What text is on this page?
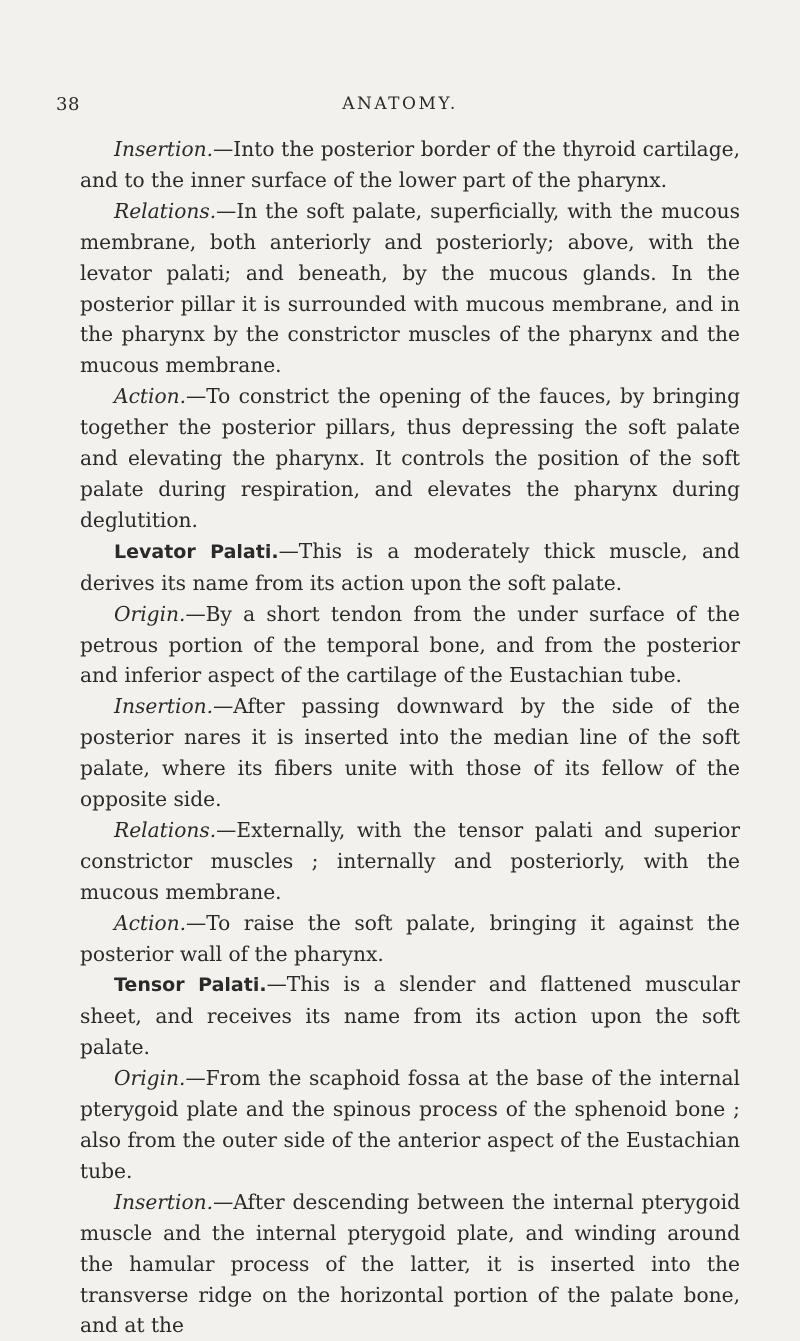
38	ANATOMY.

Insertion.—Into the posterior border of the thyroid cartilage, and to the inner surface of the lower part of the pharynx.

Relations.—In the soft palate, superficially, with the mucous membrane, both anteriorly and posteriorly; above, with the levator palati; and beneath, by the mucous glands. In the posterior pillar it is surrounded with mucous membrane, and in the pharynx by the constrictor muscles of the pharynx and the mucous membrane.

Action.—To constrict the opening of the fauces, by bringing together the posterior pillars, thus depressing the soft palate and elevating the pharynx. It controls the position of the soft palate during respiration, and elevates the pharynx during deglutition.

Levator Palati.—This is a moderately thick muscle, and derives its name from its action upon the soft palate.

Origin.—By a short tendon from the under surface of the petrous portion of the temporal bone, and from the posterior and inferior aspect of the cartilage of the Eustachian tube.

Insertion.—After passing downward by the side of the posterior nares it is inserted into the median line of the soft palate, where its fibers unite with those of its fellow of the opposite side.

Relations.—Externally, with the tensor palati and superior constrictor muscles ; internally and posteriorly, with the mucous membrane.

Action.—To raise the soft palate, bringing it against the posterior wall of the pharynx.

Tensor Palati.—This is a slender and flattened muscular sheet, and receives its name from its action upon the soft palate.

Origin.—From the scaphoid fossa at the base of the internal pterygoid plate and the spinous process of the sphenoid bone ; also from the outer side of the anterior aspect of the Eustachian tube.

Insertion.—After descending between the internal pterygoid muscle and the internal pterygoid plate, and winding around the hamular process of the latter, it is inserted into the transverse ridge on the horizontal portion of the palate bone, and at the
